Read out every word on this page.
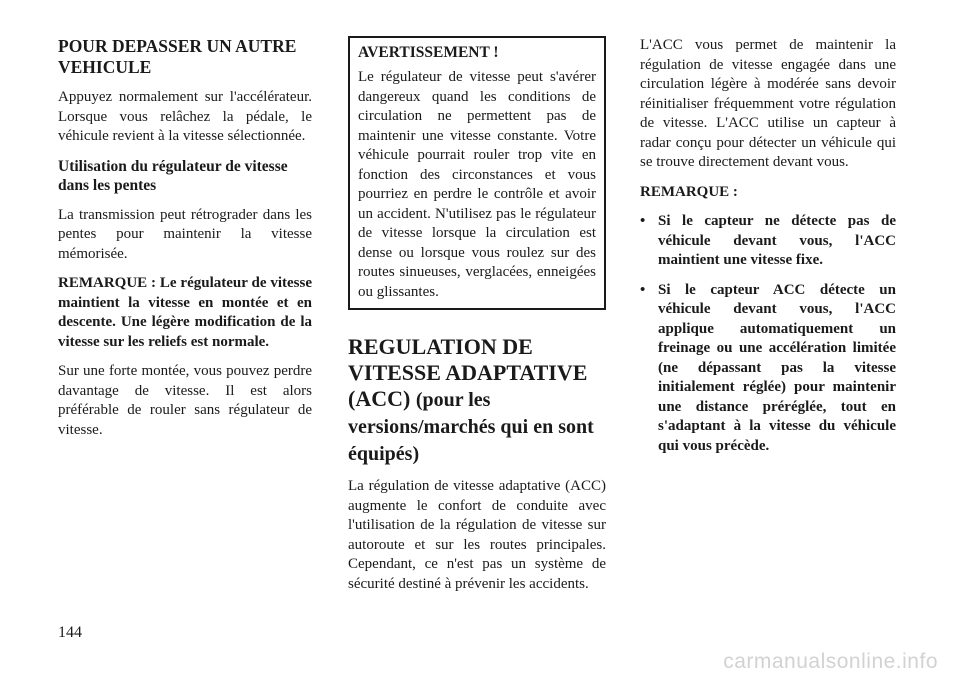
POUR DEPASSER UN AUTRE VEHICULE

Appuyez normalement sur l'accélérateur. Lorsque vous relâchez la pédale, le véhicule revient à la vitesse sélectionnée.

Utilisation du régulateur de vitesse dans les pentes

La transmission peut rétrograder dans les pentes pour maintenir la vitesse mémorisée.

REMARQUE : Le régulateur de vitesse maintient la vitesse en montée et en descente. Une légère modification de la vitesse sur les reliefs est normale.

Sur une forte montée, vous pouvez perdre davantage de vitesse. Il est alors préférable de rouler sans régulateur de vitesse.

AVERTISSEMENT !

Le régulateur de vitesse peut s'avérer dangereux quand les conditions de circulation ne permettent pas de maintenir une vitesse constante. Votre véhicule pourrait rouler trop vite en fonction des circonstances et vous pourriez en perdre le contrôle et avoir un accident. N'utilisez pas le régulateur de vitesse lorsque la circulation est dense ou lorsque vous roulez sur des routes sinueuses, verglacées, enneigées ou glissantes.

REGULATION DE VITESSE ADAPTATIVE (ACC) (pour les versions/marchés qui en sont équipés)

La régulation de vitesse adaptative (ACC) augmente le confort de conduite avec l'utilisation de la régulation de vitesse sur autoroute et sur les routes principales. Cependant, ce n'est pas un système de sécurité destiné à prévenir les accidents.

L'ACC vous permet de maintenir la régulation de vitesse engagée dans une circulation légère à modérée sans devoir réinitialiser fréquemment votre régulation de vitesse. L'ACC utilise un capteur à radar conçu pour détecter un véhicule qui se trouve directement devant vous.

REMARQUE :

• Si le capteur ne détecte pas de véhicule devant vous, l'ACC maintient une vitesse fixe.
• Si le capteur ACC détecte un véhicule devant vous, l'ACC applique automatiquement un freinage ou une accélération limitée (ne dépassant pas la vitesse initialement réglée) pour maintenir une distance préréglée, tout en s'adaptant à la vitesse du véhicule qui vous précède.
144
carmanualsonline.info
